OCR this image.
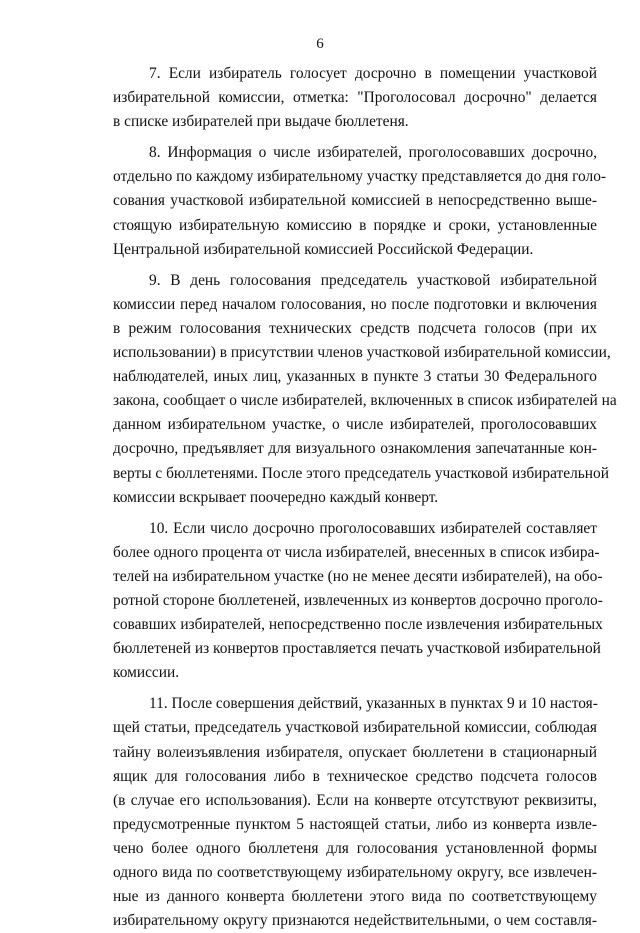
6
7. Если избиратель голосует досрочно в помещении участковой
избирательной комиссии, отметка: "Проголосовал досрочно" делается
в списке избирателей при выдаче бюллетеня.
8. Информация о числе избирателей, проголосовавших досрочно,
отдельно по каждому избирательному участку представляется до дня голо-
сования участковой избирательной комиссией в непосредственно выше-
стоящую избирательную комиссию в порядке и сроки, установленные
Центральной избирательной комиссией Российской Федерации.
9. В день голосования председатель участковой избирательной
комиссии перед началом голосования, но после подготовки и включения
в режим голосования технических средств подсчета голосов (при их
использовании) в присутствии членов участковой избирательной комиссии,
наблюдателей, иных лиц, указанных в пункте 3 статьи 30 Федерального
закона, сообщает о числе избирателей, включенных в список избирателей на
данном избирательном участке, о числе избирателей, проголосовавших
досрочно, предъявляет для визуального ознакомления запечатанные кон-
верты с бюллетенями. После этого председатель участковой избирательной
комиссии вскрывает поочередно каждый конверт.
10. Если число досрочно проголосовавших избирателей составляет
более одного процента от числа избирателей, внесенных в список избира-
телей на избирательном участке (но не менее десяти избирателей), на обо-
ротной стороне бюллетеней, извлеченных из конвертов досрочно проголо-
совавших избирателей, непосредственно после извлечения избирательных
бюллетеней из конвертов проставляется печать участковой избирательной
комиссии.
11. После совершения действий, указанных в пунктах 9 и 10 настоя-
щей статьи, председатель участковой избирательной комиссии, соблюдая
тайну волеизъявления избирателя, опускает бюллетени в стационарный
ящик для голосования либо в техническое средство подсчета голосов
(в случае его использования). Если на конверте отсутствуют реквизиты,
предусмотренные пунктом 5 настоящей статьи, либо из конверта извле-
чено более одного бюллетеня для голосования установленной формы
одного вида по соответствующему избирательному округу, все извлечен-
ные из данного конверта бюллетени этого вида по соответствующему
избирательному округу признаются недействительными, о чем составля-
